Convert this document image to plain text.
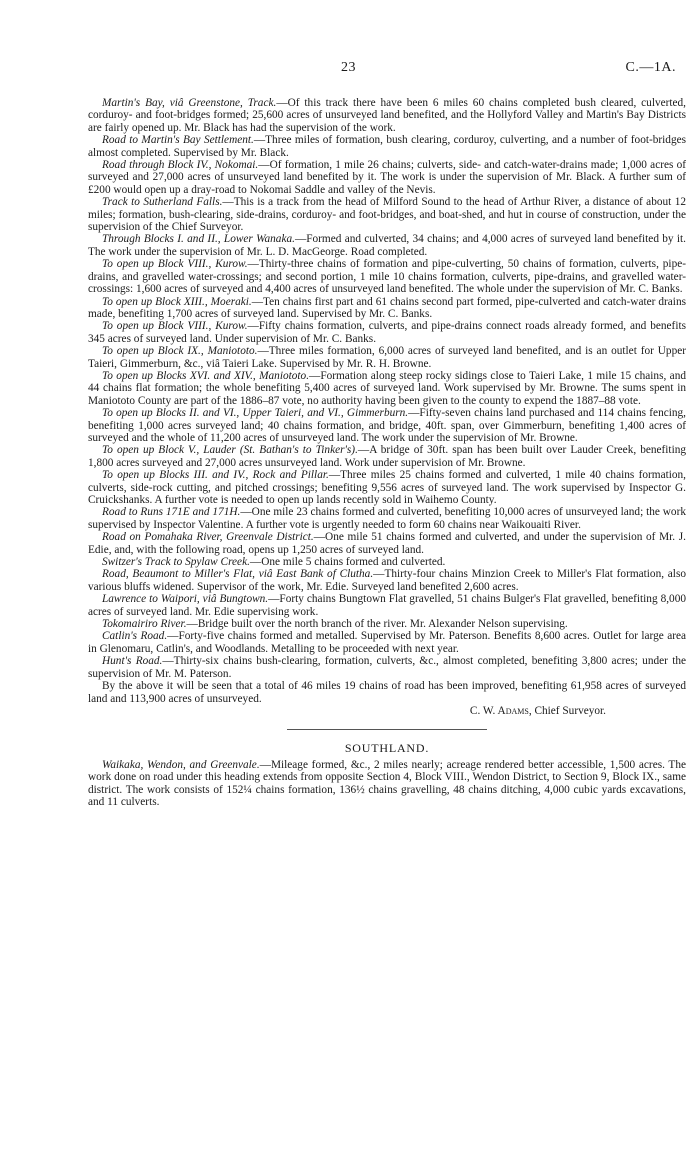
23	C.—1A.

Martin's Bay, viâ Greenstone, Track.—Of this track there have been 6 miles 60 chains completed bush cleared, culverted, corduroy- and foot-bridges formed; 25,600 acres of unsurveyed land benefited, and the Hollyford Valley and Martin's Bay Districts are fairly opened up. Mr. Black has had the supervision of the work.

Road to Martin's Bay Settlement.—Three miles of formation, bush clearing, corduroy, culverting, and a number of foot-bridges almost completed. Supervised by Mr. Black.

Road through Block IV., Nokomai.—Of formation, 1 mile 26 chains; culverts, side- and catch-water-drains made; 1,000 acres of surveyed and 27,000 acres of unsurveyed land benefited by it. The work is under the supervision of Mr. Black. A further sum of £200 would open up a dray-road to Nokomai Saddle and valley of the Nevis.

Track to Sutherland Falls.—This is a track from the head of Milford Sound to the head of Arthur River, a distance of about 12 miles; formation, bush-clearing, side-drains, corduroy- and foot-bridges, and boat-shed, and hut in course of construction, under the supervision of the Chief Surveyor.

Through Blocks I. and II., Lower Wanaka.—Formed and culverted, 34 chains; and 4,000 acres of surveyed land benefited by it. The work under the supervision of Mr. L. D. MacGeorge. Road completed.

To open up Block VIII., Kurow.—Thirty-three chains of formation and pipe-culverting, 50 chains of formation, culverts, pipe-drains, and gravelled water-crossings; and second portion, 1 mile 10 chains formation, culverts, pipe-drains, and gravelled water-crossings: 1,600 acres of surveyed and 4,400 acres of unsurveyed land benefited. The whole under the supervision of Mr. C. Banks.

To open up Block XIII., Moeraki.—Ten chains first part and 61 chains second part formed, pipe-culverted and catch-water drains made, benefiting 1,700 acres of surveyed land. Supervised by Mr. C. Banks.

To open up Block VIII., Kurow.—Fifty chains formation, culverts, and pipe-drains connect roads already formed, and benefits 345 acres of surveyed land. Under supervision of Mr. C. Banks.

To open up Block IX., Maniototo.—Three miles formation, 6,000 acres of surveyed land benefited, and is an outlet for Upper Taieri, Gimmerburn, &c., viâ Taieri Lake. Supervised by Mr. R. H. Browne.

To open up Blocks XVI. and XIV., Maniototo.—Formation along steep rocky sidings close to Taieri Lake, 1 mile 15 chains, and 44 chains flat formation; the whole benefiting 5,400 acres of surveyed land. Work supervised by Mr. Browne. The sums spent in Maniototo County are part of the 1886–87 vote, no authority having been given to the county to expend the 1887–88 vote.

To open up Blocks II. and VI., Upper Taieri, and VI., Gimmerburn.—Fifty-seven chains land purchased and 114 chains fencing, benefiting 1,000 acres surveyed land; 40 chains formation, and bridge, 40ft. span, over Gimmerburn, benefiting 1,400 acres of surveyed and the whole of 11,200 acres of unsurveyed land. The work under the supervision of Mr. Browne.

To open up Block V., Lauder (St. Bathan's to Tinker's).—A bridge of 30ft. span has been built over Lauder Creek, benefiting 1,800 acres surveyed and 27,000 acres unsurveyed land. Work under supervision of Mr. Browne.

To open up Blocks III. and IV., Rock and Pillar.—Three miles 25 chains formed and culverted, 1 mile 40 chains formation, culverts, side-rock cutting, and pitched crossings; benefiting 9,556 acres of surveyed land. The work supervised by Inspector G. Cruickshanks. A further vote is needed to open up lands recently sold in Waihemo County.

Road to Runs 171E and 171H.—One mile 23 chains formed and culverted, benefiting 10,000 acres of unsurveyed land; the work supervised by Inspector Valentine. A further vote is urgently needed to form 60 chains near Waikouaiti River.

Road on Pomahaka River, Greenvale District.—One mile 51 chains formed and culverted, and under the supervision of Mr. J. Edie, and, with the following road, opens up 1,250 acres of surveyed land.

Switzer's Track to Spylaw Creek.—One mile 5 chains formed and culverted.

Road, Beaumont to Miller's Flat, viâ East Bank of Clutha.—Thirty-four chains Minzion Creek to Miller's Flat formation, also various bluffs widened. Supervisor of the work, Mr. Edie. Surveyed land benefited 2,600 acres.

Lawrence to Waipori, viâ Bungtown.—Forty chains Bungtown Flat gravelled, 51 chains Bulger's Flat gravelled, benefiting 8,000 acres of surveyed land. Mr. Edie supervising work.

Tokomairiro River.—Bridge built over the north branch of the river. Mr. Alexander Nelson supervising.

Catlin's Road.—Forty-five chains formed and metalled. Supervised by Mr. Paterson. Benefits 8,600 acres. Outlet for large area in Glenomaru, Catlin's, and Woodlands. Metalling to be proceeded with next year.

Hunt's Road.—Thirty-six chains bush-clearing, formation, culverts, &c., almost completed, benefiting 3,800 acres; under the supervision of Mr. M. Paterson.

By the above it will be seen that a total of 46 miles 19 chains of road has been improved, benefiting 61,958 acres of surveyed land and 113,900 acres of unsurveyed.

C. W. Adams, Chief Surveyor.

SOUTHLAND.

Waikaka, Wendon, and Greenvale.—Mileage formed, &c., 2 miles nearly; acreage rendered better accessible, 1,500 acres. The work done on road under this heading extends from opposite Section 4, Block VIII., Wendon District, to Section 9, Block IX., same district. The work consists of 152¼ chains formation, 136½ chains gravelling, 48 chains ditching, 4,000 cubic yards excavations, and 11 culverts.
